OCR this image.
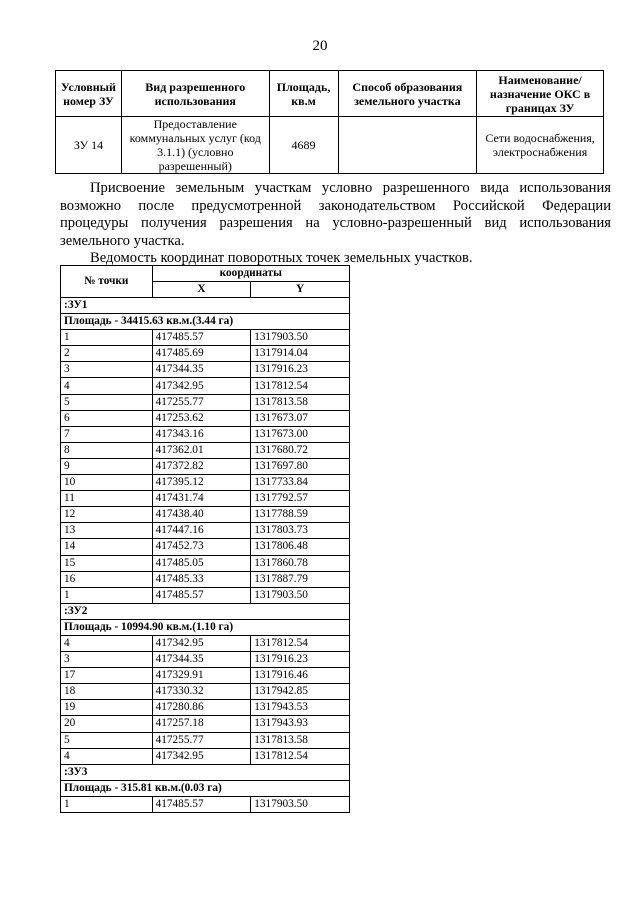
20
Условный номер ЗУ	Вид разрешенного использования	Площадь, кв.м	Способ образования земельного участка	Наименование/ назначение ОКС в границах ЗУ
ЗУ 14	Предоставление коммунальных услуг (код 3.1.1) (условно разрешенный)	4689		Сети водоснабжения, электроснабжения

Присвоение земельным участкам условно разрешенного вида использования возможно после предусмотренной законодательством Российской Федерации процедуры получения разрешения на условно-разрешенный вид использования земельного участка.

Ведомость координат поворотных точек земельных участков.

№ точки	координаты	
	X	Y
:ЗУ1		
Площадь - 34415.63 кв.м.(3.44 га)		
1	417485.57	1317903.50
2	417485.69	1317914.04
3	417344.35	1317916.23
4	417342.95	1317812.54
5	417255.77	1317813.58
6	417253.62	1317673.07
7	417343.16	1317673.00
8	417362.01	1317680.72
9	417372.82	1317697.80
10	417395.12	1317733.84
11	417431.74	1317792.57
12	417438.40	1317788.59
13	417447.16	1317803.73
14	417452.73	1317806.48
15	417485.05	1317860.78
16	417485.33	1317887.79
1	417485.57	1317903.50
:ЗУ2		
Площадь - 10994.90 кв.м.(1.10 га)		
4	417342.95	1317812.54
3	417344.35	1317916.23
17	417329.91	1317916.46
18	417330.32	1317942.85
19	417280.86	1317943.53
20	417257.18	1317943.93
5	417255.77	1317813.58
4	417342.95	1317812.54
:ЗУ3		
Площадь - 315.81 кв.м.(0.03 га)		
1	417485.57	1317903.50
